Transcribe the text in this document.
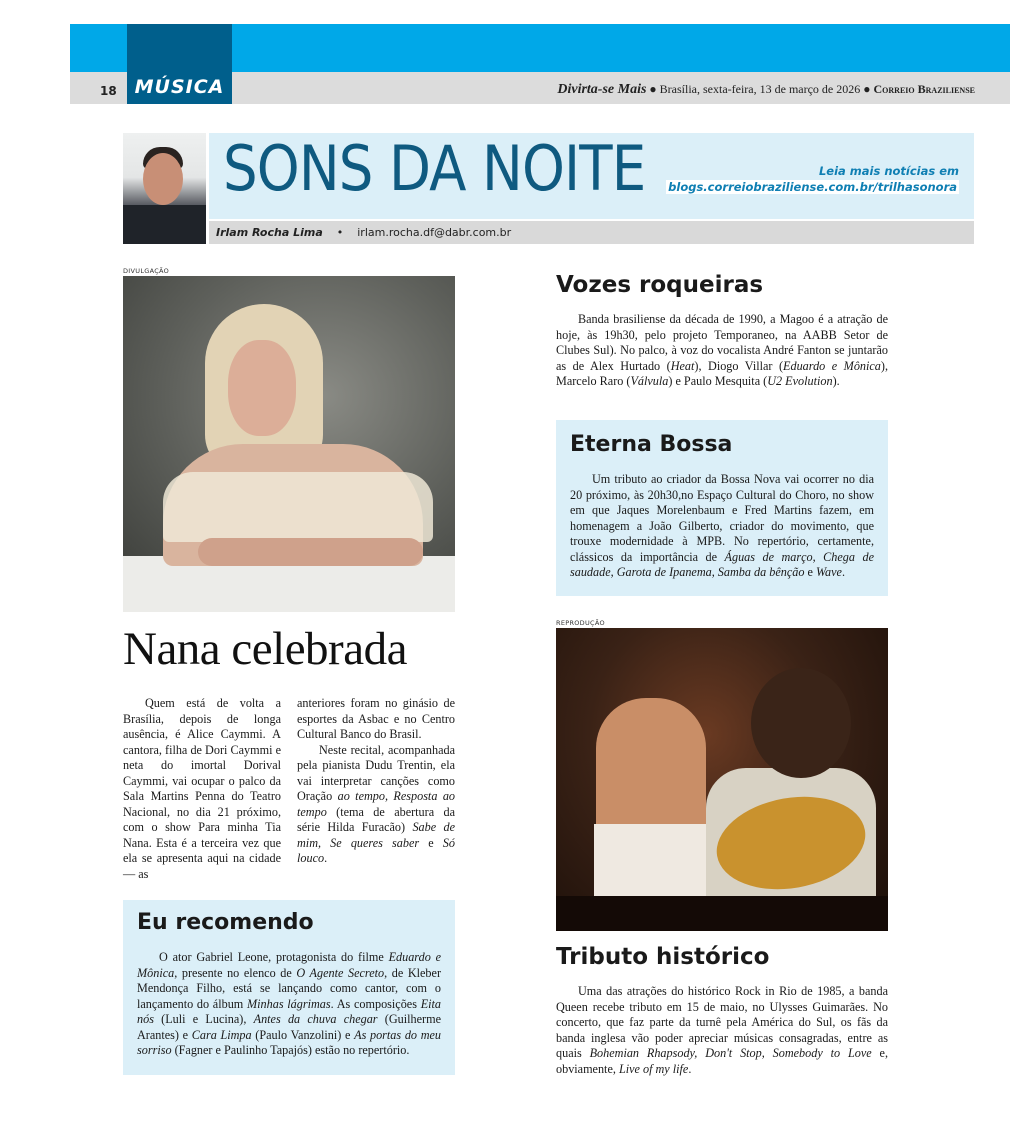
MÚSICA
18	Divirta-se Mais ● Brasília, sexta-feira, 13 de março de 2026 ● Correio Braziliense
SONS DA NOITE	Leia mais notícias em
blogs.correiobraziliense.com.br/trilhasonora
Irlam Rocha Lima    •    irlam.rocha.df@dabr.com.br
DIVULGAÇÃO
Nana celebrada

Quem está de volta a Brasília, depois de longa ausência, é Alice Caymmi. A cantora, filha de Dori Caymmi e neta do imortal Dorival Caymmi, vai ocupar o palco da Sala Martins Penna do Teatro Nacional, no dia 21 próximo, com o show Para minha Tia Nana. Esta é a terceira vez que ela se apresenta aqui na cidade — as

anteriores foram no ginásio de esportes da Asbac e no Centro Cultural Banco do Brasil.

Neste recital, acompanhada pela pianista Dudu Trentin, ela vai interpretar canções como Oração ao tempo, Resposta ao tempo (tema de abertura da série Hilda Furacão) Sabe de mim, Se queres saber e Só louco.

Eu recomendo

O ator Gabriel Leone, protagonista do filme Eduardo e Mônica, presente no elenco de O Agente Secreto, de Kleber Mendonça Filho, está se lançando como cantor, com o lançamento do álbum Minhas lágrimas. As composições Eita nós (Luli e Lucina), Antes da chuva chegar (Guilherme Arantes) e Cara Limpa (Paulo Vanzolini) e As portas do meu sorriso (Fagner e Paulinho Tapajós) estão no repertório.

Vozes roqueiras

Banda brasiliense da década de 1990, a Magoo é a atração de hoje, às 19h30, pelo projeto Temporaneo, na AABB Setor de Clubes Sul). No palco, à voz do vocalista André Fanton se juntarão as de Alex Hurtado (Heat), Diogo Villar (Eduardo e Mônica), Marcelo Raro (Válvula) e Paulo Mesquita (U2 Evolution).

Eterna Bossa

Um tributo ao criador da Bossa Nova vai ocorrer no dia 20 próximo, às 20h30,no Espaço Cultural do Choro, no show em que Jaques Morelenbaum e Fred Martins fazem, em homenagem a João Gilberto, criador do movimento, que trouxe modernidade à MPB. No repertório, certamente, clássicos da importância de Águas de março, Chega de saudade, Garota de Ipanema, Samba da bênção e Wave.

REPRODUÇÃO
Tributo histórico

Uma das atrações do histórico Rock in Rio de 1985, a banda Queen recebe tributo em 15 de maio, no Ulysses Guimarães. No concerto, que faz parte da turnê pela América do Sul, os fãs da banda inglesa vão poder apreciar músicas consagradas, entre as quais Bohemian Rhapsody, Don't Stop, Somebody to Love e, obviamente, Live of my life.
